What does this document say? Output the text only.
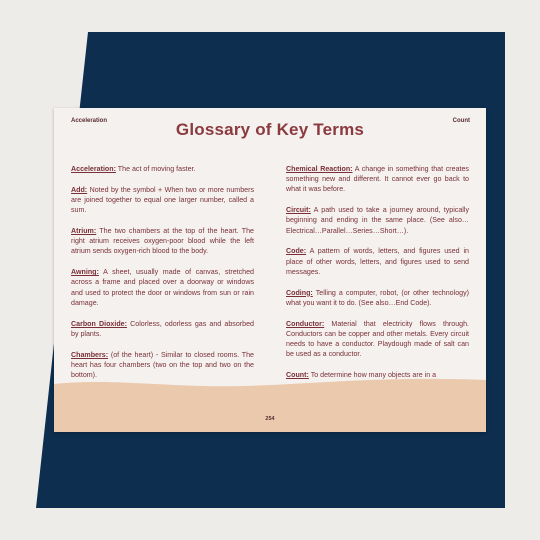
Acceleration	Count
Glossary of Key Terms

Acceleration: The act of moving faster.

Add: Noted by the symbol + When two or more numbers are joined together to equal one larger number, called a sum.

Atrium: The two chambers at the top of the heart. The right atrium receives oxygen-poor blood while the left atrium sends oxygen-rich blood to the body.

Awning: A sheet, usually made of canvas, stretched across a frame and placed over a doorway or windows and used to protect the door or windows from sun or rain damage.

Carbon Dioxide: Colorless, odorless gas and absorbed by plants.

Chambers: (of the heart) - Similar to closed rooms. The heart has four chambers (two on the top and two on the bottom).

Chemical Reaction: A change in something that creates something new and different. It cannot ever go back to what it was before.

Circuit: A path used to take a journey around, typically beginning and ending in the same place. (See also…Electrical…Parallel…Series…Short…).

Code: A pattern of words, letters, and figures used in place of other words, letters, and figures used to send messages.

Coding: Telling a computer, robot, (or other technology) what you want it to do. (See also…End Code).

Conductor: Material that electricity flows through. Conductors can be copper and other metals. Every circuit needs to have a conductor. Playdough made of salt can be used as a conductor.

Count: To determine how many objects are in a

254
